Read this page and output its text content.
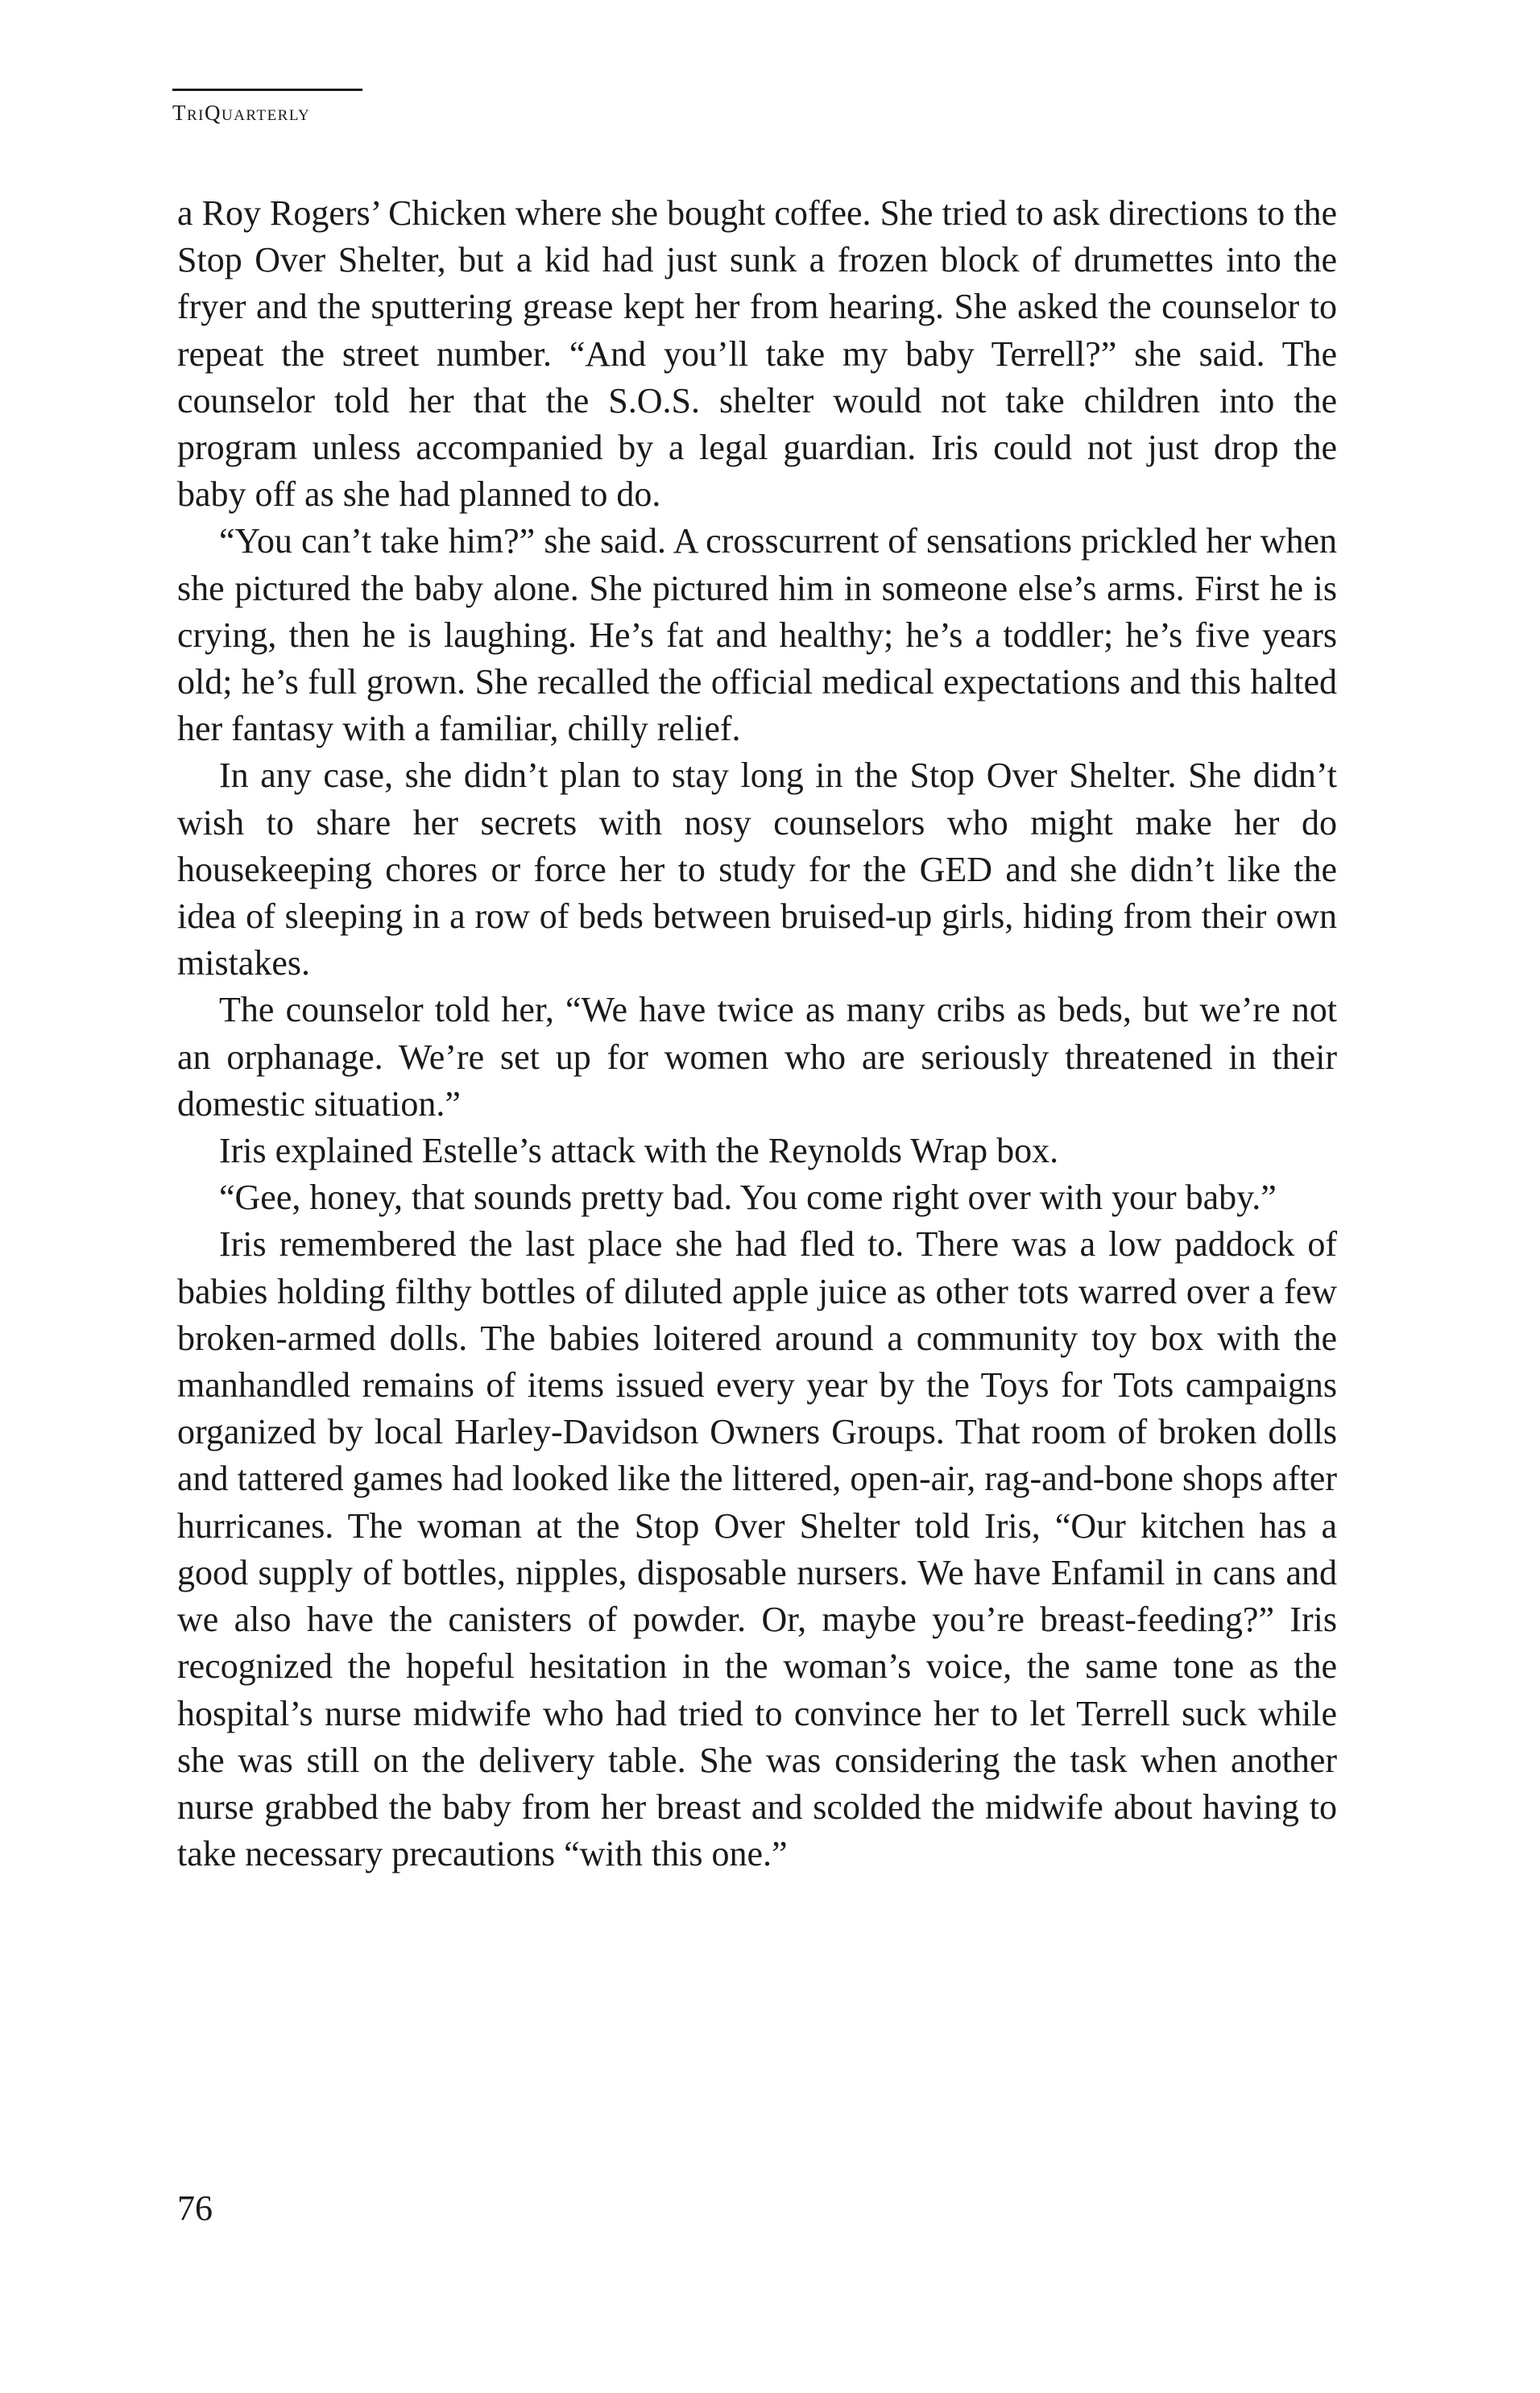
TriQuarterly

a Roy Rogers’ Chicken where she bought coffee. She tried to ask directions to the Stop Over Shelter, but a kid had just sunk a frozen block of drumettes into the fryer and the sputtering grease kept her from hearing. She asked the counselor to repeat the street number. “And you’ll take my baby Terrell?” she said. The counselor told her that the S.O.S. shelter would not take children into the program unless accompanied by a legal guardian. Iris could not just drop the baby off as she had planned to do.

“You can’t take him?” she said. A crosscurrent of sensations prickled her when she pictured the baby alone. She pictured him in someone else’s arms. First he is crying, then he is laughing. He’s fat and healthy; he’s a toddler; he’s five years old; he’s full grown. She recalled the official medical expectations and this halted her fantasy with a familiar, chilly relief.

In any case, she didn’t plan to stay long in the Stop Over Shelter. She didn’t wish to share her secrets with nosy counselors who might make her do housekeeping chores or force her to study for the GED and she didn’t like the idea of sleeping in a row of beds between bruised-up girls, hiding from their own mistakes.

The counselor told her, “We have twice as many cribs as beds, but we’re not an orphanage. We’re set up for women who are seriously threatened in their domestic situation.”

Iris explained Estelle’s attack with the Reynolds Wrap box.

“Gee, honey, that sounds pretty bad. You come right over with your baby.”

Iris remembered the last place she had fled to. There was a low paddock of babies holding filthy bottles of diluted apple juice as other tots warred over a few broken-armed dolls. The babies loitered around a community toy box with the manhandled remains of items issued every year by the Toys for Tots campaigns organized by local Harley-Davidson Owners Groups. That room of broken dolls and tattered games had looked like the littered, open-air, rag-and-bone shops after hurricanes. The woman at the Stop Over Shelter told Iris, “Our kitchen has a good supply of bottles, nipples, disposable nursers. We have Enfamil in cans and we also have the canisters of powder. Or, maybe you’re breast-feeding?” Iris recognized the hopeful hesitation in the woman’s voice, the same tone as the hospital’s nurse midwife who had tried to convince her to let Terrell suck while she was still on the delivery table. She was considering the task when another nurse grabbed the baby from her breast and scolded the midwife about having to take necessary precautions “with this one.”

76
